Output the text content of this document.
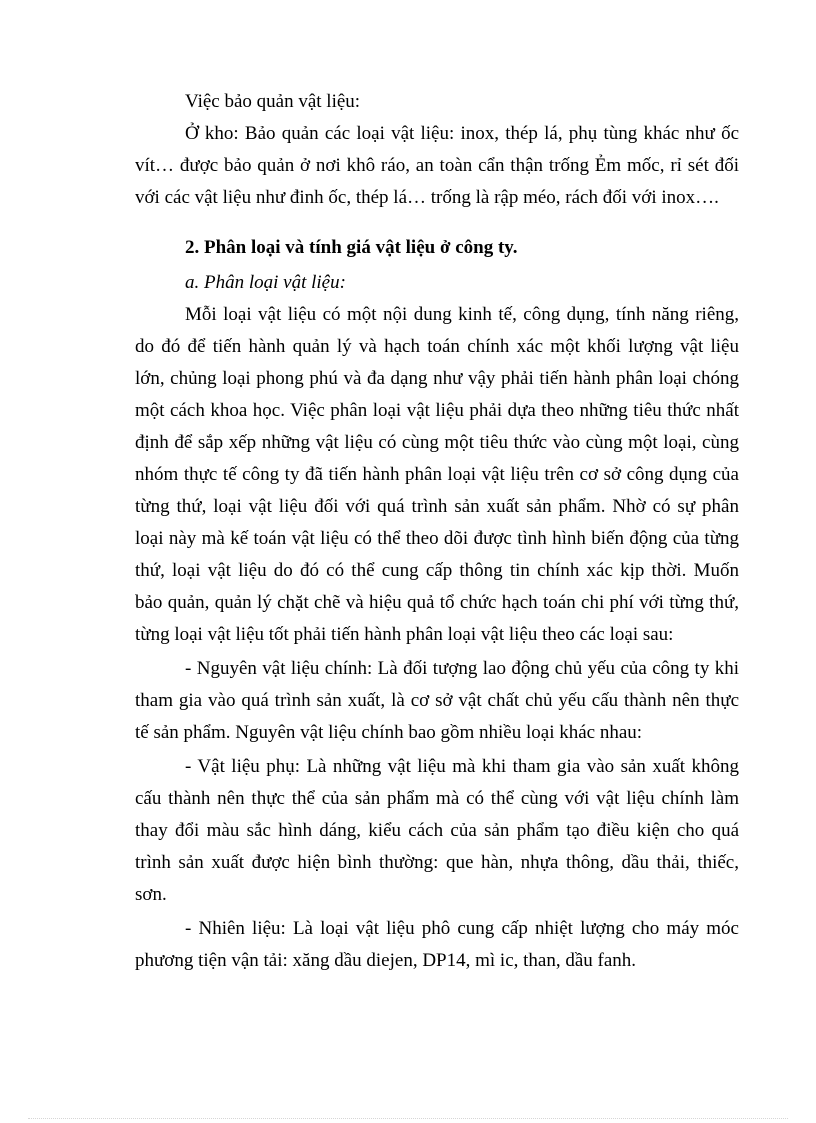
Việc bảo quản vật liệu:
Ở kho: Bảo quản các loại vật liệu: inox, thép lá, phụ tùng khác như ốc
vít… được bảo quản ở nơi khô ráo, an toàn cẩn thận trống Ẻm mốc, rỉ sét đối
với các vật liệu như đinh ốc, thép lá… trống là rập méo, rách đối với inox….
2. Phân loại và tính giá vật liệu ở công ty.
a. Phân loại vật liệu:
Mỗi loại vật liệu có một nội dung kinh tế, công dụng, tính năng riêng,
do đó để tiến hành quản lý và hạch toán chính xác một khối lượng vật liệu
lớn, chủng loại phong phú và đa dạng như vậy phải tiến hành phân loại chóng
một cách khoa học. Việc phân loại vật liệu phải dựa theo những tiêu thức nhất
định để sắp xếp những vật liệu có cùng một tiêu thức vào cùng một loại, cùng
nhóm thực tế công ty đã tiến hành phân loại vật liệu trên cơ sở công dụng của
từng thứ, loại vật liệu đối với quá trình sản xuất sản phẩm. Nhờ có sự phân
loại này mà kế toán vật liệu có thể theo dõi được tình hình biến động của từng
thứ, loại vật liệu do đó có thể cung cấp thông tin chính xác kịp thời. Muốn
bảo quản, quản lý chặt chẽ và hiệu quả tổ chức hạch toán chi phí với từng thứ,
từng loại vật liệu tốt phải tiến hành phân loại vật liệu theo các loại sau:
- Nguyên vật liệu chính: Là đối tượng lao động chủ yếu của công ty khi
tham gia vào quá trình sản xuất, là cơ sở vật chất chủ yếu cấu thành nên thực
tế sản phẩm. Nguyên vật liệu chính bao gồm nhiều loại khác nhau:
- Vật liệu phụ: Là những vật liệu mà khi tham gia vào sản xuất không
cấu thành nên thực thể của sản phẩm mà có thể cùng với vật liệu chính làm
thay đổi màu sắc hình dáng, kiểu cách của sản phẩm tạo điều kiện cho quá
trình sản xuất được hiện bình thường: que hàn, nhựa thông, dầu thải, thiếc,
sơn.
- Nhiên liệu: Là loại vật liệu phô cung cấp nhiệt lượng cho máy móc
phương tiện vận tải: xăng dầu diejen, DP14, mì ic, than, dầu fanh.
